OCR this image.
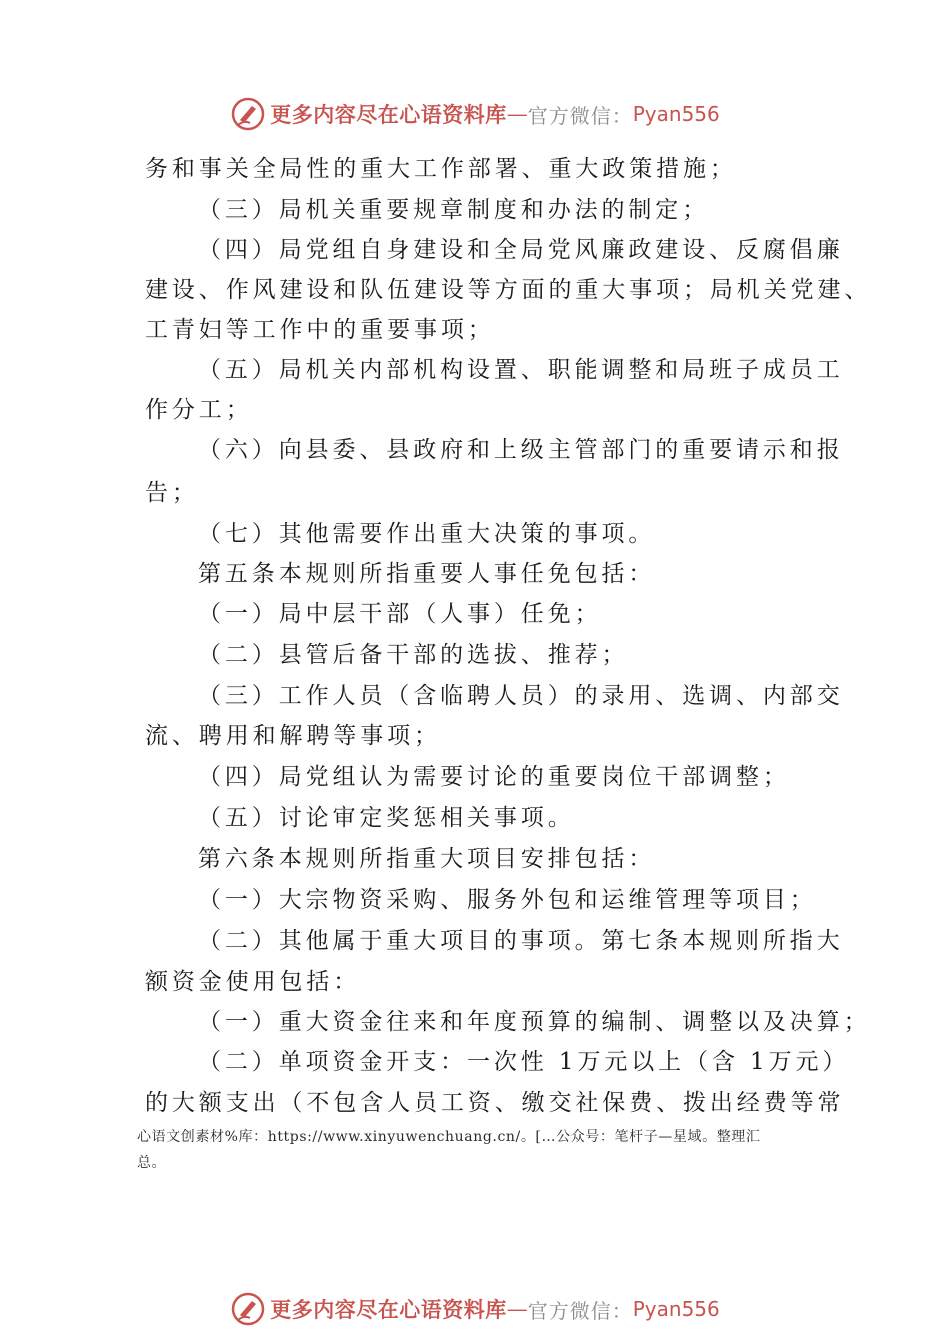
更多内容尽在心语资料库 — 官方微信： Pyan556
务和事关全局性的重大工作部署、重大政策措施；
（三）局机关重要规章制度和办法的制定；
（四）局党组自身建设和全局党风廉政建设、反腐倡廉
建设、作风建设和队伍建设等方面的重大事项；局机关党建、
工青妇等工作中的重要事项；
（五）局机关内部机构设置、职能调整和局班子成员工
作分工；
（六）向县委、县政府和上级主管部门的重要请示和报
告；
（七）其他需要作出重大决策的事项。
第五条本规则所指重要人事任免包括：
（一）局中层干部（人事）任免；
（二）县管后备干部的选拔、推荐；
（三）工作人员（含临聘人员）的录用、选调、内部交
流、聘用和解聘等事项；
（四）局党组认为需要讨论的重要岗位干部调整；
（五）讨论审定奖惩相关事项。
第六条本规则所指重大项目安排包括：
（一）大宗物资采购、服务外包和运维管理等项目；
（二）其他属于重大项目的事项。第七条本规则所指大
额资金使用包括：
（一）重大资金往来和年度预算的编制、调整以及决算；
（二）单项资金开支：一次性 1万元以上（含 1万元）
的大额支出（不包含人员工资、缴交社保费、拨出经费等常
心语文创素材%库：https://www.xinyuwenchuang.cn/。[…公众号：笔杆子—星域。整理汇
总。
更多内容尽在心语资料库 — 官方微信： Pyan556
